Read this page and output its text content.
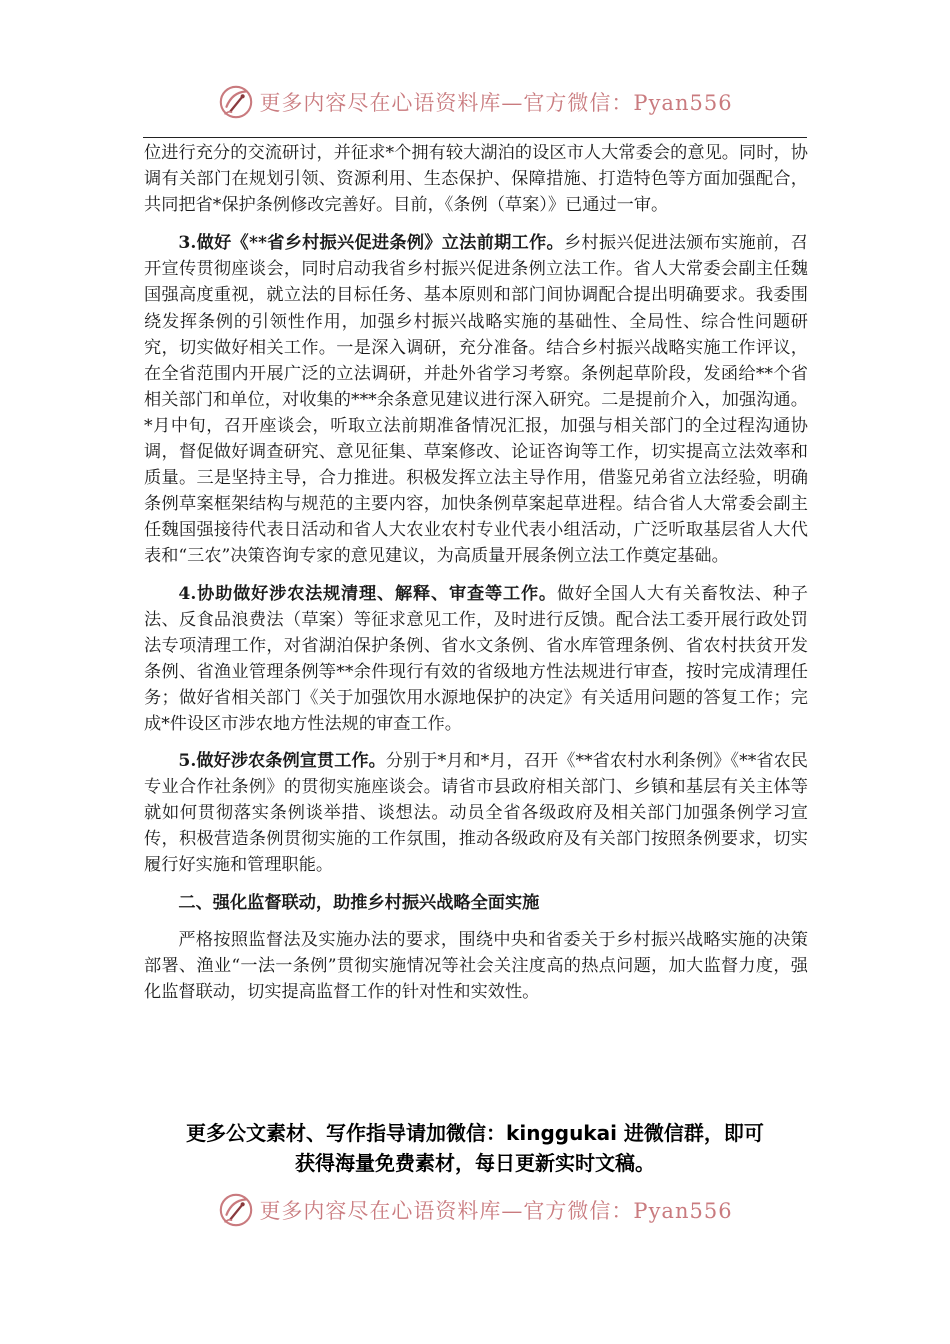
更多内容尽在心语资料库—官方微信：Pyan556

位进行充分的交流研讨，并征求*个拥有较大湖泊的设区市人大常委会的意见。同时，协调有关部门在规划引领、资源利用、生态保护、保障措施、打造特色等方面加强配合，共同把省*保护条例修改完善好。目前，《条例（草案）》已通过一审。

3.做好《**省乡村振兴促进条例》立法前期工作。乡村振兴促进法颁布实施前，召开宣传贯彻座谈会，同时启动我省乡村振兴促进条例立法工作。省人大常委会副主任魏国强高度重视，就立法的目标任务、基本原则和部门间协调配合提出明确要求。我委围绕发挥条例的引领性作用，加强乡村振兴战略实施的基础性、全局性、综合性问题研究，切实做好相关工作。一是深入调研，充分准备。结合乡村振兴战略实施工作评议，在全省范围内开展广泛的立法调研，并赴外省学习考察。条例起草阶段，发函给**个省相关部门和单位，对收集的***余条意见建议进行深入研究。二是提前介入，加强沟通。*月中旬，召开座谈会，听取立法前期准备情况汇报，加强与相关部门的全过程沟通协调，督促做好调查研究、意见征集、草案修改、论证咨询等工作，切实提高立法效率和质量。三是坚持主导，合力推进。积极发挥立法主导作用，借鉴兄弟省立法经验，明确条例草案框架结构与规范的主要内容，加快条例草案起草进程。结合省人大常委会副主任魏国强接待代表日活动和省人大农业农村专业代表小组活动，广泛听取基层省人大代表和“三农”决策咨询专家的意见建议，为高质量开展条例立法工作奠定基础。

4.协助做好涉农法规清理、解释、审查等工作。做好全国人大有关畜牧法、种子法、反食品浪费法（草案）等征求意见工作，及时进行反馈。配合法工委开展行政处罚法专项清理工作，对省湖泊保护条例、省水文条例、省水库管理条例、省农村扶贫开发条例、省渔业管理条例等**余件现行有效的省级地方性法规进行审查，按时完成清理任务；做好省相关部门《关于加强饮用水源地保护的决定》有关适用问题的答复工作；完成*件设区市涉农地方性法规的审查工作。

5.做好涉农条例宣贯工作。分别于*月和*月，召开《**省农村水利条例》《**省农民专业合作社条例》的贯彻实施座谈会。请省市县政府相关部门、乡镇和基层有关主体等就如何贯彻落实条例谈举措、谈想法。动员全省各级政府及相关部门加强条例学习宣传，积极营造条例贯彻实施的工作氛围，推动各级政府及有关部门按照条例要求，切实履行好实施和管理职能。

二、强化监督联动，助推乡村振兴战略全面实施

严格按照监督法及实施办法的要求，围绕中央和省委关于乡村振兴战略实施的决策部署、渔业“一法一条例”贯彻实施情况等社会关注度高的热点问题，加大监督力度，强化监督联动，切实提高监督工作的针对性和实效性。

更多公文素材、写作指导请加微信：kinggukai 进微信群，即可
获得海量免费素材，每日更新实时文稿。
更多内容尽在心语资料库—官方微信：Pyan556
